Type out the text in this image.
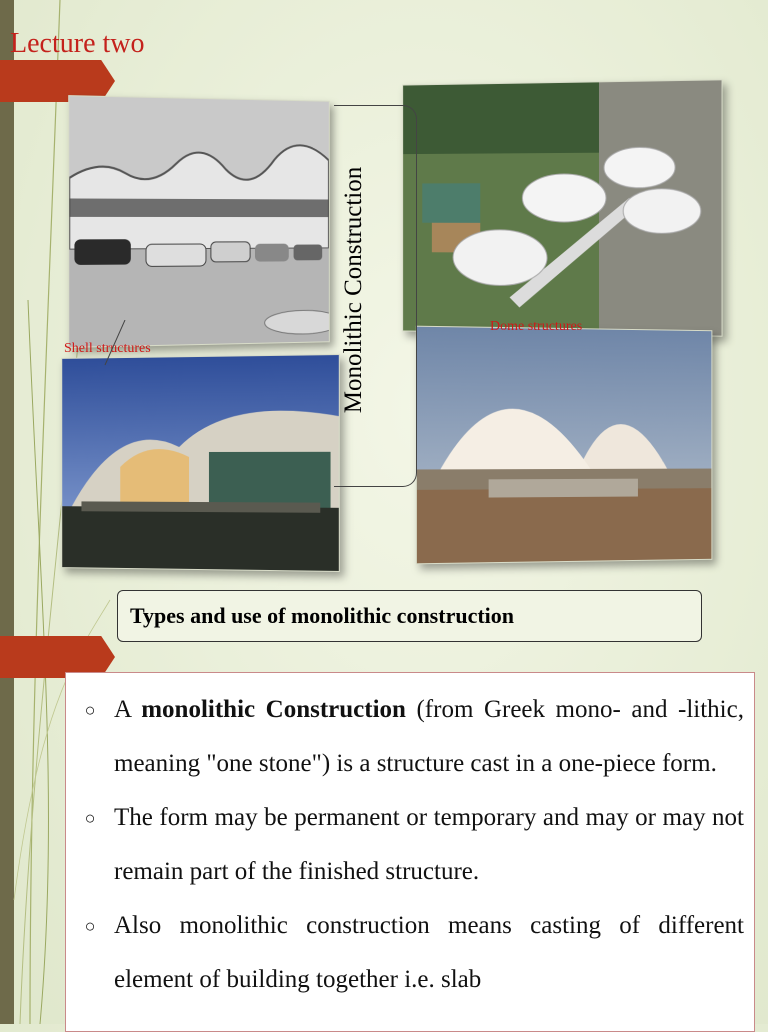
Lecture two
Monolithic Construction
Shell structures
Dome structures
Types and use of monolithic construction
○ A monolithic Construction (from Greek mono- and -lithic, meaning "one stone") is a structure cast in a one-piece form.
○ The form may be permanent or temporary and may or may not remain part of the finished structure.
○ Also monolithic construction means casting of different element of building together i.e. slab
